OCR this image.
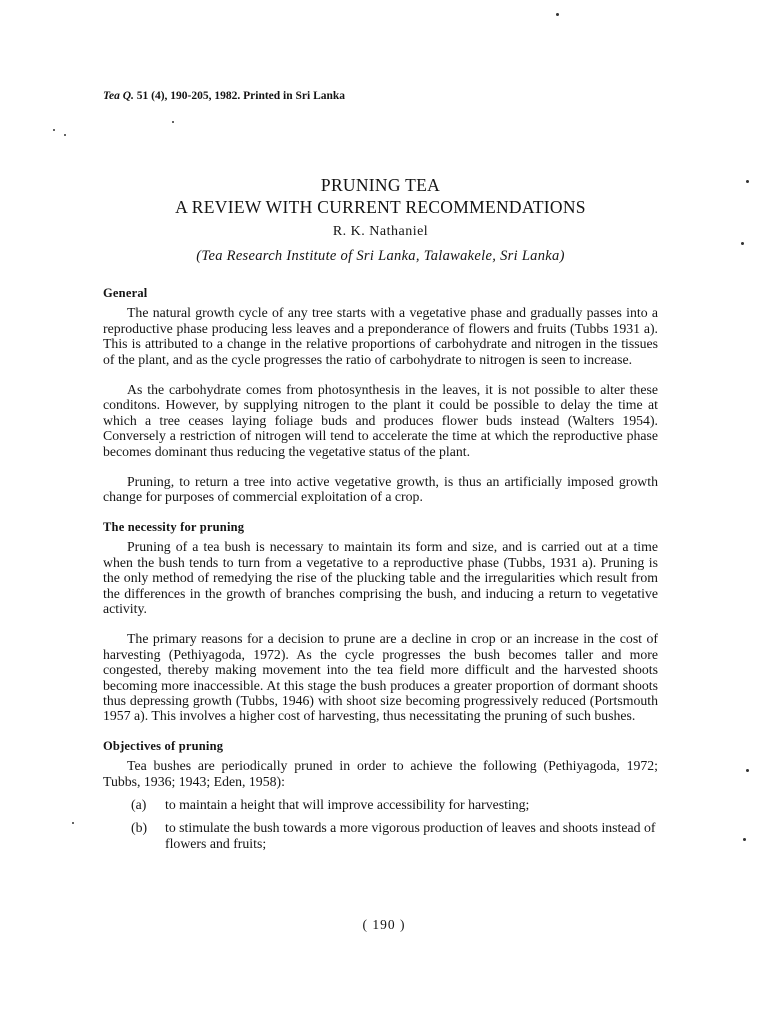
Tea Q. 51 (4), 190-205, 1982. Printed in Sri Lanka
PRUNING TEA
A REVIEW WITH CURRENT RECOMMENDATIONS
R. K. Nathaniel
(Tea Research Institute of Sri Lanka, Talawakele, Sri Lanka)
General

The natural growth cycle of any tree starts with a vegetative phase and gradually passes into a reproductive phase producing less leaves and a preponderance of flowers and fruits (Tubbs 1931 a). This is attributed to a change in the relative proportions of carbohydrate and nitrogen in the tissues of the plant, and as the cycle progresses the ratio of carbohydrate to nitrogen is seen to increase.

As the carbohydrate comes from photosynthesis in the leaves, it is not possible to alter these conditons. However, by supplying nitrogen to the plant it could be possible to delay the time at which a tree ceases laying foliage buds and produces flower buds instead (Walters 1954). Conversely a restriction of nitrogen will tend to accelerate the time at which the reproductive phase becomes dominant thus reducing the vegetative status of the plant.

Pruning, to return a tree into active vegetative growth, is thus an artificially imposed growth change for purposes of commercial exploitation of a crop.

The necessity for pruning

Pruning of a tea bush is necessary to maintain its form and size, and is carried out at a time when the bush tends to turn from a vegetative to a reproductive phase (Tubbs, 1931 a). Pruning is the only method of remedying the rise of the plucking table and the irregularities which result from the differences in the growth of branches comprising the bush, and inducing a return to vegetative activity.

The primary reasons for a decision to prune are a decline in crop or an increase in the cost of harvesting (Pethiyagoda, 1972). As the cycle progresses the bush becomes taller and more congested, thereby making movement into the tea field more difficult and the harvested shoots becoming more inaccessible. At this stage the bush produces a greater proportion of dormant shoots thus depressing growth (Tubbs, 1946) with shoot size becoming progressively reduced (Portsmouth 1957 a). This involves a higher cost of harvesting, thus necessitating the pruning of such bushes.

Objectives of pruning

Tea bushes are periodically pruned in order to achieve the following (Pethiyagoda, 1972; Tubbs, 1936; 1943; Eden, 1958):

(a)	to maintain a height that will improve accessibility for harvesting;
(b)	to stimulate the bush towards a more vigorous production of leaves and shoots instead of flowers and fruits;
( 190 )
